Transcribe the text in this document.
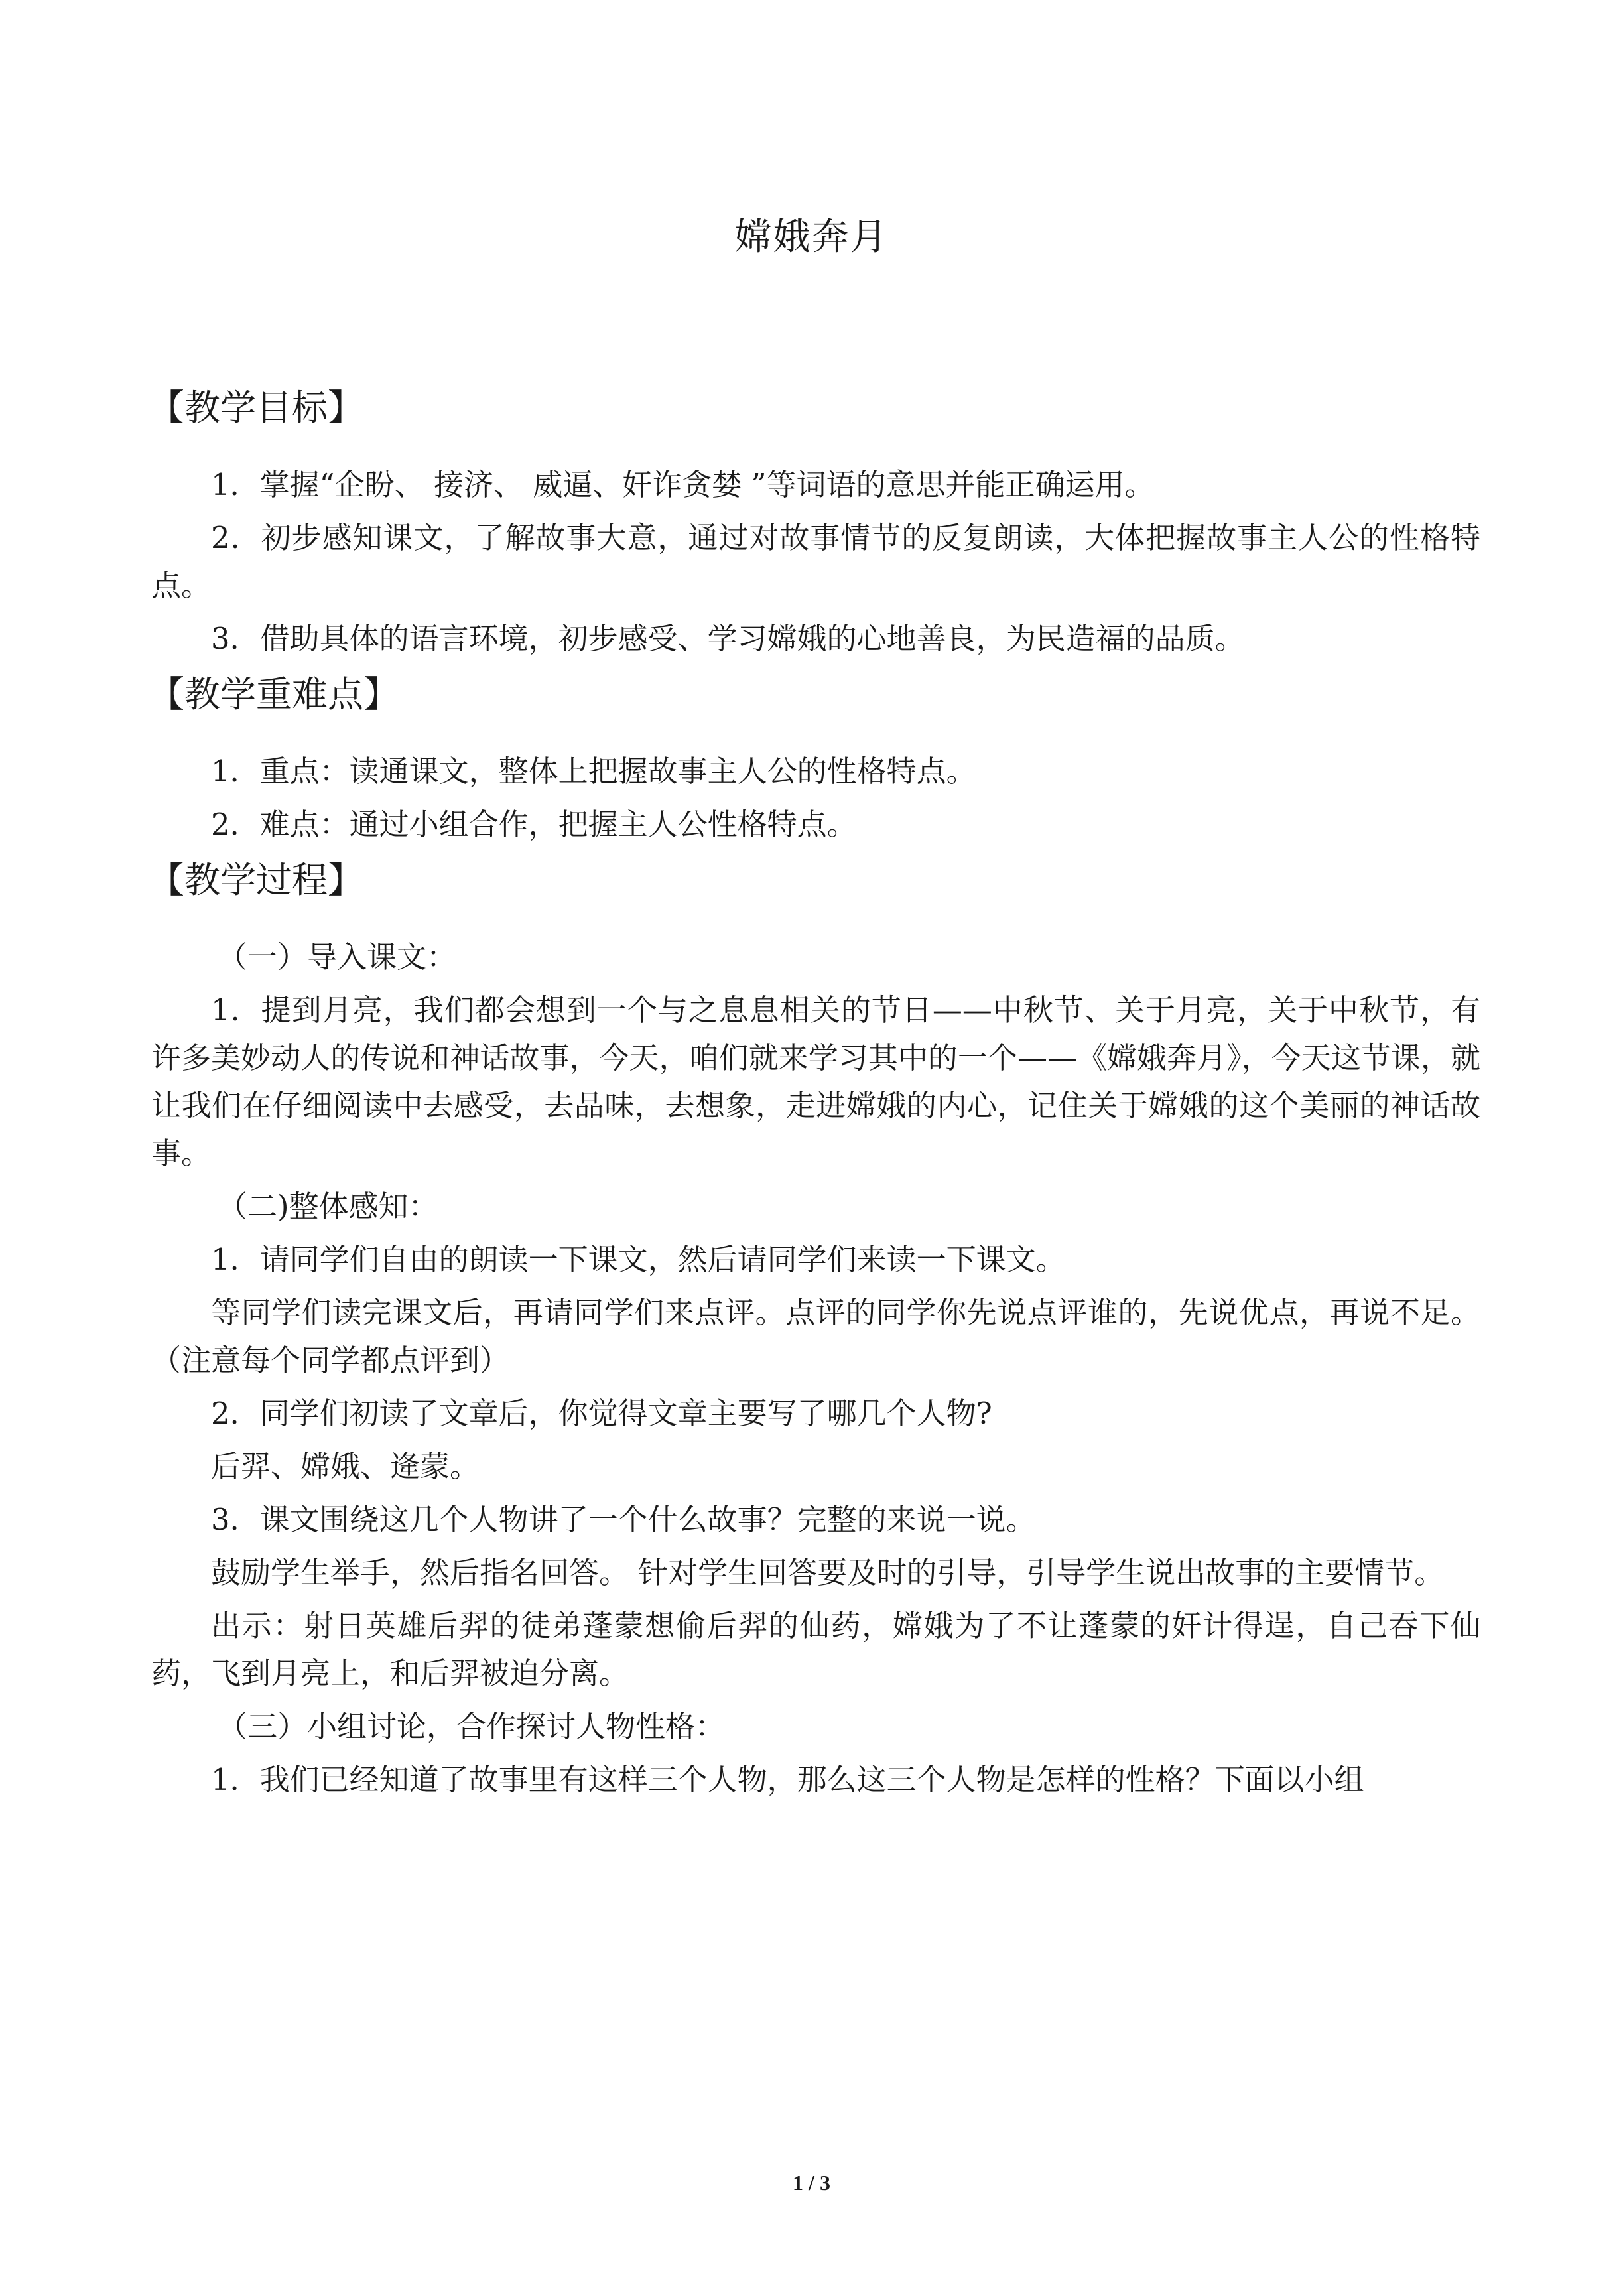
嫦娥奔月
【教学目标】

1．掌握“企盼、 接济、 威逼、奸诈贪婪 ”等词语的意思并能正确运用。

2．初步感知课文，了解故事大意，通过对故事情节的反复朗读，大体把握故事主人公的性格特点。

3．借助具体的语言环境，初步感受、学习嫦娥的心地善良，为民造福的品质。

【教学重难点】

1．重点：读通课文，整体上把握故事主人公的性格特点。

2．难点：通过小组合作，把握主人公性格特点。

【教学过程】

（一）导入课文：

1．提到月亮，我们都会想到一个与之息息相关的节日——中秋节、关于月亮，关于中秋节，有许多美妙动人的传说和神话故事，今天，咱们就来学习其中的一个——《嫦娥奔月》，今天这节课，就让我们在仔细阅读中去感受，去品味，去想象，走进嫦娥的内心，记住关于嫦娥的这个美丽的神话故事。

（二)整体感知：

1．请同学们自由的朗读一下课文，然后请同学们来读一下课文。

等同学们读完课文后，再请同学们来点评。点评的同学你先说点评谁的，先说优点，再说不足。（注意每个同学都点评到）

2．同学们初读了文章后，你觉得文章主要写了哪几个人物?

后羿、嫦娥、逄蒙。

3．课文围绕这几个人物讲了一个什么故事？完整的来说一说。

鼓励学生举手，然后指名回答。 针对学生回答要及时的引导，引导学生说出故事的主要情节。

出示：射日英雄后羿的徒弟蓬蒙想偷后羿的仙药，嫦娥为了不让蓬蒙的奸计得逞，自己吞下仙药，飞到月亮上，和后羿被迫分离。

（三）小组讨论，合作探讨人物性格：

1．我们已经知道了故事里有这样三个人物，那么这三个人物是怎样的性格？下面以小组

1 / 3
